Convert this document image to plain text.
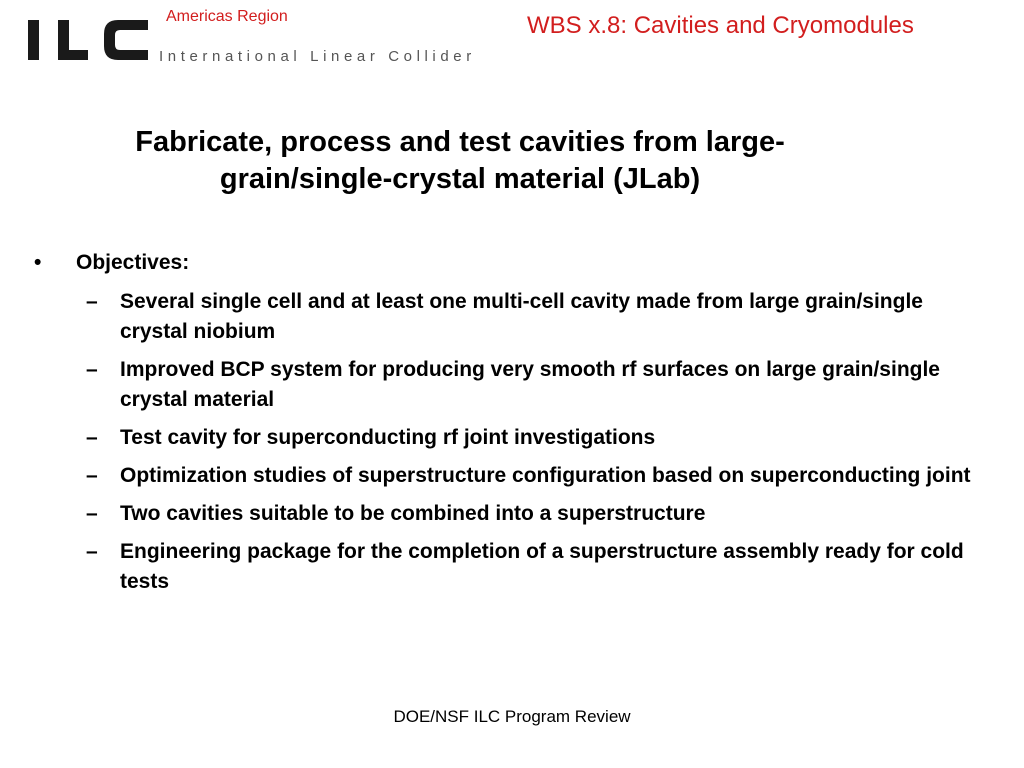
International Linear Collider
Americas Region	WBS x.8: Cavities and Cryomodules
Fabricate, process and test cavities from large-
grain/single-crystal material (JLab)
• Objectives:
– Several single cell and at least one multi-cell cavity made from large grain/single crystal niobium
– Improved BCP system for producing very smooth rf surfaces on large grain/single crystal material
– Test cavity for superconducting rf joint investigations
– Optimization studies of superstructure configuration based on superconducting joint
– Two cavities suitable to be combined into a superstructure
– Engineering package for the completion of a superstructure assembly ready for cold tests
DOE/NSF ILC Program Review
